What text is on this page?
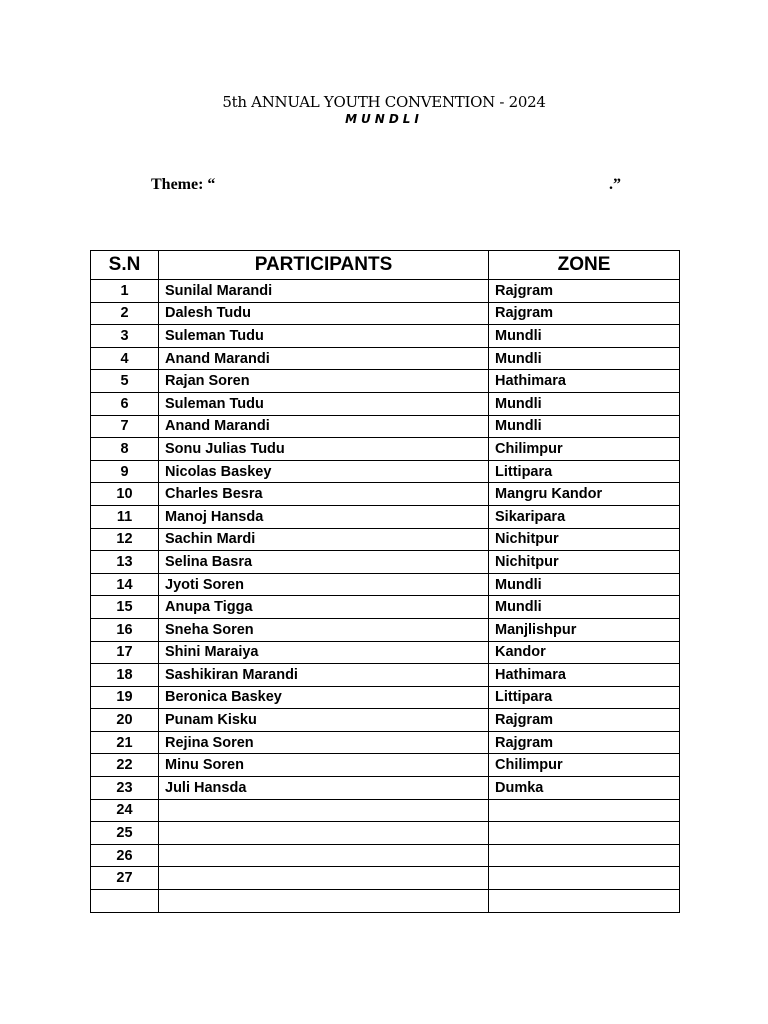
5th ANNUAL YOUTH CONVENTION - 2024
MUNDLI
Theme: “	.”
S.N	PARTICIPANTS	ZONE
1	Sunilal Marandi	Rajgram
2	Dalesh Tudu	Rajgram
3	Suleman Tudu	Mundli
4	Anand Marandi	Mundli
5	Rajan Soren	Hathimara
6	Suleman Tudu	Mundli
7	Anand Marandi	Mundli
8	Sonu Julias Tudu	Chilimpur
9	Nicolas Baskey	Littipara
10	Charles Besra	Mangru Kandor
11	Manoj Hansda	Sikaripara
12	Sachin Mardi	Nichitpur
13	Selina Basra	Nichitpur
14	Jyoti Soren	Mundli
15	Anupa Tigga	Mundli
16	Sneha Soren	Manjlishpur
17	Shini Maraiya	Kandor
18	Sashikiran Marandi	Hathimara
19	Beronica Baskey	Littipara
20	Punam Kisku	Rajgram
21	Rejina Soren	Rajgram
22	Minu Soren	Chilimpur
23	Juli Hansda	Dumka
24		
25		
26		
27		
